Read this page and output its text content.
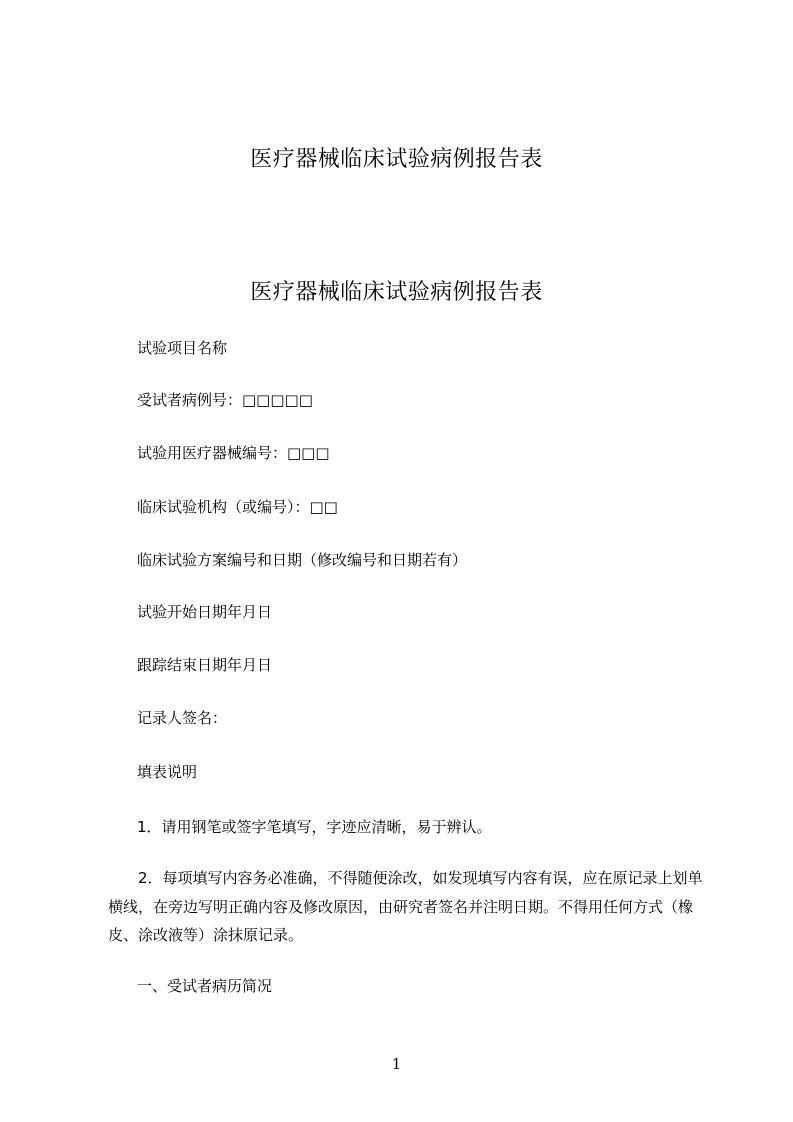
医疗器械临床试验病例报告表
医疗器械临床试验病例报告表

试验项目名称

受试者病例号：□□□□□

试验用医疗器械编号：□□□

临床试验机构（或编号）：□□

临床试验方案编号和日期（修改编号和日期若有）

试验开始日期年月日

跟踪结束日期年月日

记录人签名：

填表说明

1．请用钢笔或签字笔填写，字迹应清晰，易于辨认。

2．每项填写内容务必准确，不得随便涂改，如发现填写内容有误，应在原记录上划单横线，在旁边写明正确内容及修改原因，由研究者签名并注明日期。不得用任何方式（橡皮、涂改液等）涂抹原记录。

一、受试者病历简况

1
